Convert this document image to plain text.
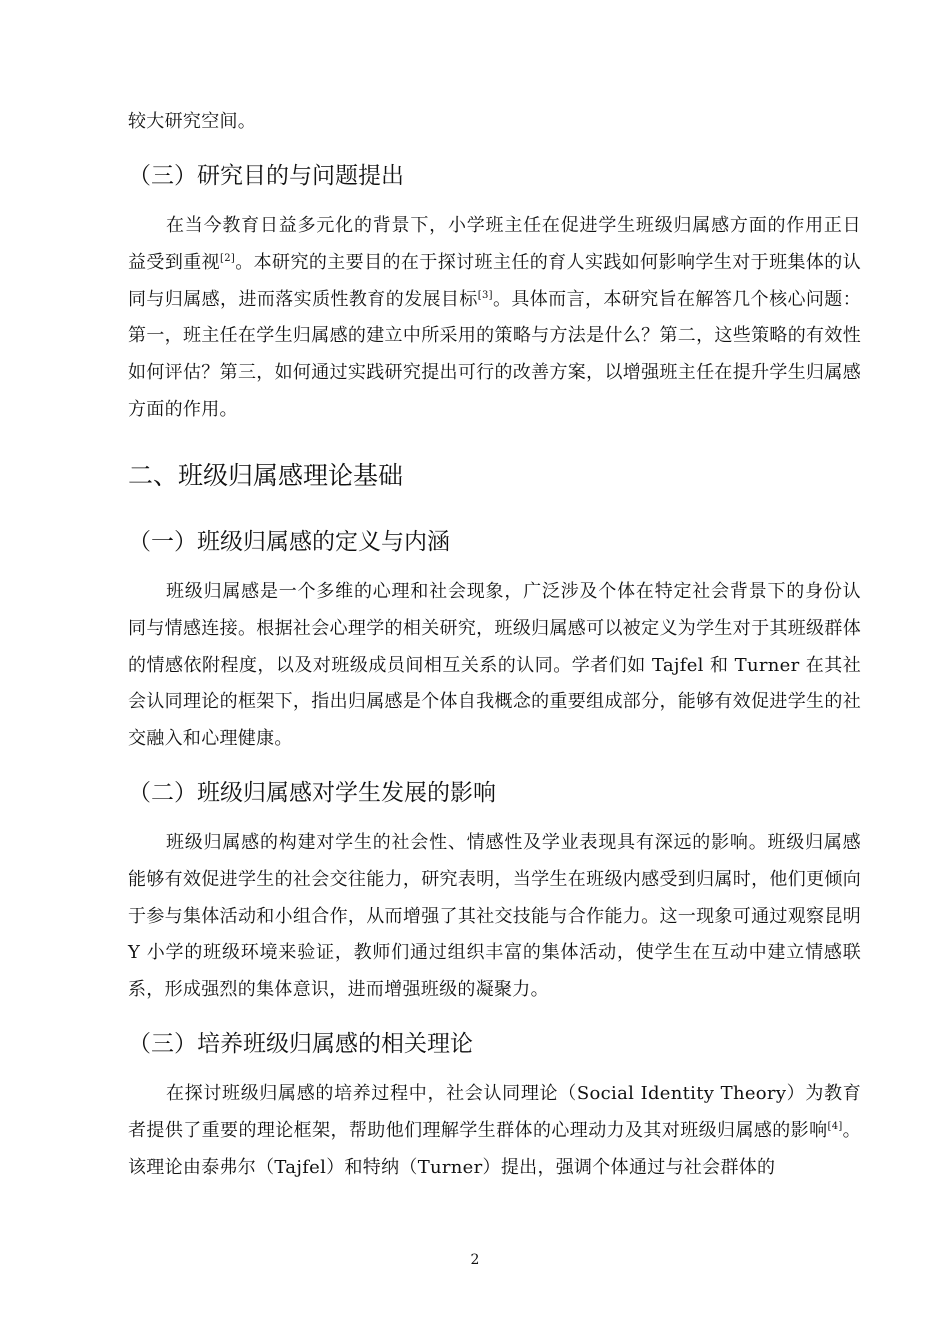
较大研究空间。

（三）研究目的与问题提出

在当今教育日益多元化的背景下，小学班主任在促进学生班级归属感方面的作用正日益受到重视[2]。本研究的主要目的在于探讨班主任的育人实践如何影响学生对于班集体的认同与归属感，进而落实质性教育的发展目标[3]。具体而言，本研究旨在解答几个核心问题：第一，班主任在学生归属感的建立中所采用的策略与方法是什么？第二，这些策略的有效性如何评估？第三，如何通过实践研究提出可行的改善方案，以增强班主任在提升学生归属感方面的作用。

二、班级归属感理论基础
（一）班级归属感的定义与内涵

班级归属感是一个多维的心理和社会现象，广泛涉及个体在特定社会背景下的身份认同与情感连接。根据社会心理学的相关研究，班级归属感可以被定义为学生对于其班级群体的情感依附程度，以及对班级成员间相互关系的认同。学者们如 Tajfel 和 Turner 在其社会认同理论的框架下，指出归属感是个体自我概念的重要组成部分，能够有效促进学生的社交融入和心理健康。

（二）班级归属感对学生发展的影响

班级归属感的构建对学生的社会性、情感性及学业表现具有深远的影响。班级归属感能够有效促进学生的社会交往能力，研究表明，当学生在班级内感受到归属时，他们更倾向于参与集体活动和小组合作，从而增强了其社交技能与合作能力。这一现象可通过观察昆明 Y 小学的班级环境来验证，教师们通过组织丰富的集体活动，使学生在互动中建立情感联系，形成强烈的集体意识，进而增强班级的凝聚力。

（三）培养班级归属感的相关理论

在探讨班级归属感的培养过程中，社会认同理论（Social Identity Theory）为教育者提供了重要的理论框架，帮助他们理解学生群体的心理动力及其对班级归属感的影响[4]。该理论由泰弗尔（Tajfel）和特纳（Turner）提出，强调个体通过与社会群体的

2
